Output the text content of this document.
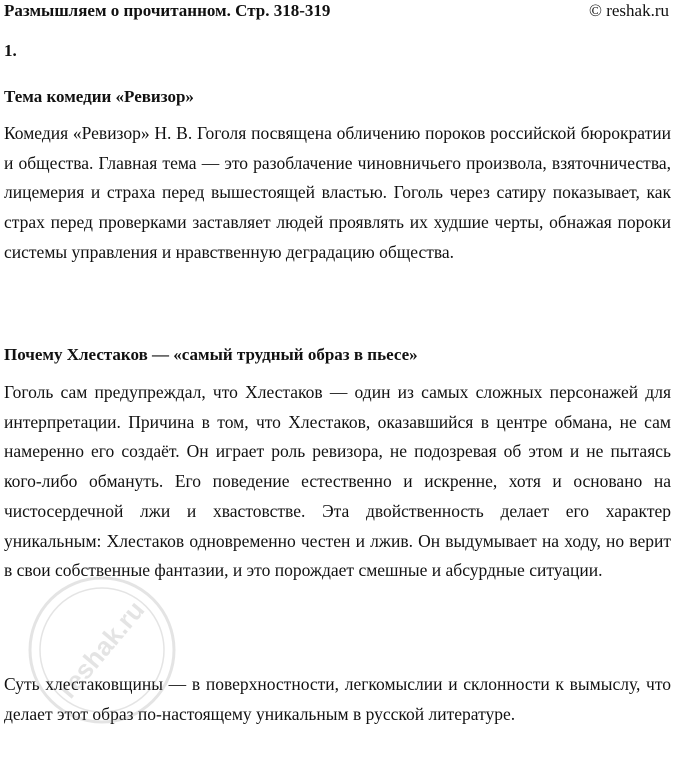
Размышляем о прочитанном. Стр. 318-319	© reshak.ru
1.
Тема комедии «Ревизор»

Комедия «Ревизор» Н. В. Гоголя посвящена обличению пороков российской бюрократии и общества. Главная тема — это разоблачение чиновничьего произвола, взяточничества, лицемерия и страха перед вышестоящей властью. Гоголь через сатиру показывает, как страх перед проверками заставляет людей проявлять их худшие черты, обнажая пороки системы управления и нравственную деградацию общества.

Почему Хлестаков — «самый трудный образ в пьесе»

Гоголь сам предупреждал, что Хлестаков — один из самых сложных персонажей для интерпретации. Причина в том, что Хлестаков, оказавшийся в центре обмана, не сам намеренно его создаёт. Он играет роль ревизора, не подозревая об этом и не пытаясь кого-либо обмануть. Его поведение естественно и искренне, хотя и основано на чистосердечной лжи и хвастовстве. Эта двойственность делает его характер уникальным: Хлестаков одновременно честен и лжив. Он выдумывает на ходу, но верит в свои собственные фантазии, и это порождает смешные и абсурдные ситуации.

Суть хлестаковщины — в поверхностности, легкомыслии и склонности к вымыслу, что делает этот образ по-настоящему уникальным в русской литературе.

reshak.ru
